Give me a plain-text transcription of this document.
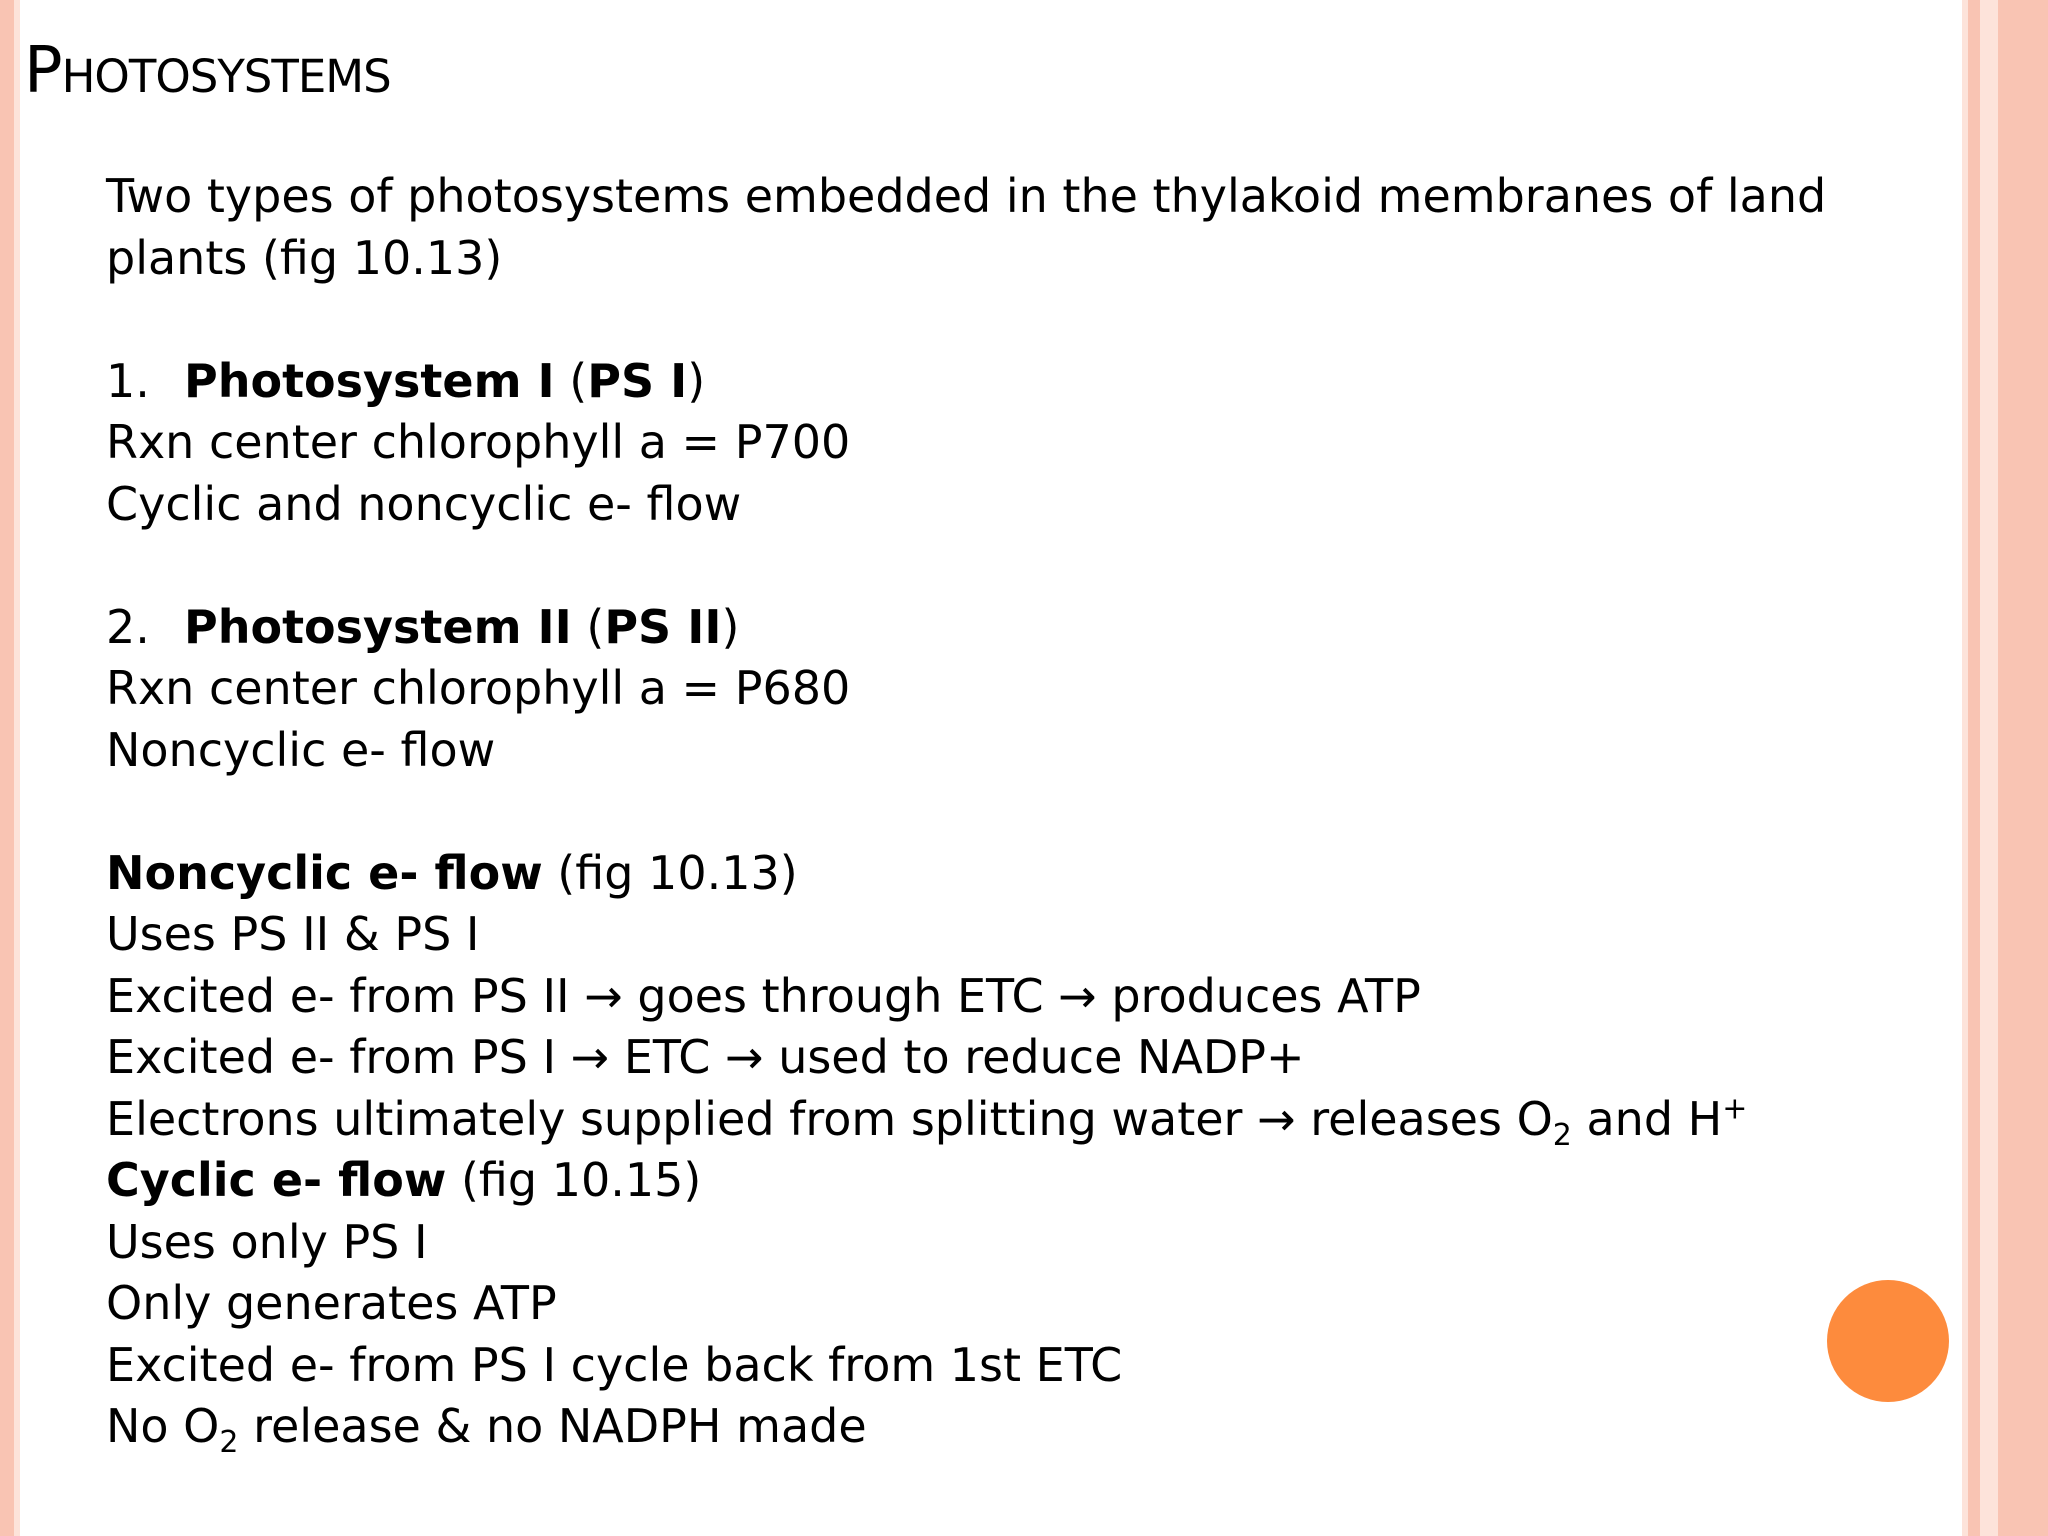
Photosystems
Two types of photosystems embedded in the thylakoid membranes of land
plants (fig 10.13)
1. Photosystem I (PS I)
Rxn center chlorophyll a = P700
Cyclic and noncyclic e- flow
2. Photosystem II (PS II)
Rxn center chlorophyll a = P680
Noncyclic e- flow
Noncyclic e- flow (fig 10.13)
Uses PS II & PS I
Excited e- from PS II → goes through ETC → produces ATP
Excited e- from PS I → ETC → used to reduce NADP+
Electrons ultimately supplied from splitting water → releases $O_2$ and H+
Cyclic e- flow (fig 10.15)
Uses only PS I
Only generates ATP
Excited e- from PS I cycle back from 1st ETC
No $O_2$ release & no NADPH made
